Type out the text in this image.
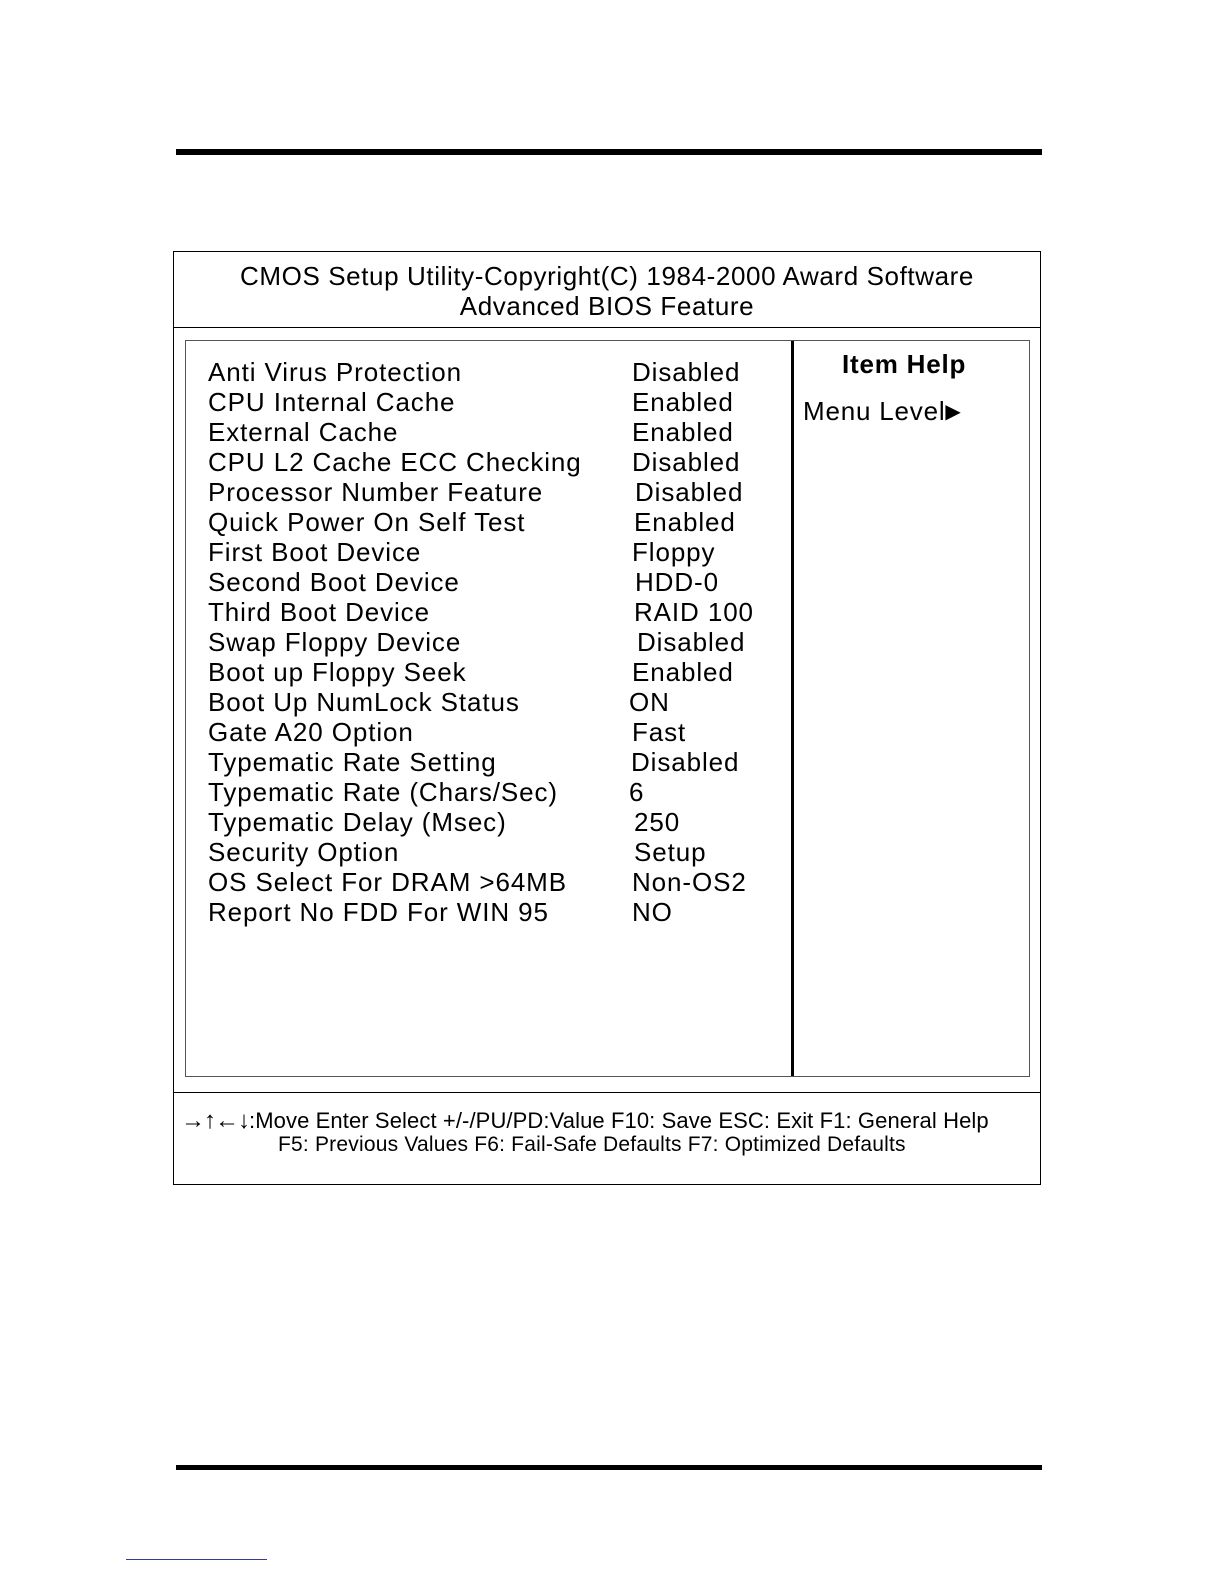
CMOS Setup Utility-Copyright(C) 1984-2000 Award Software
Advanced BIOS Feature
Anti Virus Protection	Disabled
CPU Internal Cache	Enabled
External Cache	Enabled
CPU L2 Cache ECC Checking Disabled
Processor Number Feature	Disabled
Quick Power On Self Test	Enabled
First Boot Device	Floppy
Second Boot Device	HDD-0
Third Boot Device	RAID 100
Swap Floppy Device	Disabled
Boot up Floppy Seek	Enabled
Boot Up NumLock Status	ON
Gate A20 Option	Fast
Typematic Rate Setting	Disabled
Typematic Rate (Chars/Sec)	6
Typematic Delay (Msec)	250
Security Option	Setup
OS Select For DRAM >64MB	Non-OS2
Report No FDD For WIN 95	NO
Item Help
Menu Level▶
→↑←↓:Move Enter Select +/-/PU/PD:Value F10: Save ESC: Exit F1: General Help
F5: Previous Values F6: Fail-Safe Defaults F7: Optimized Defaults
